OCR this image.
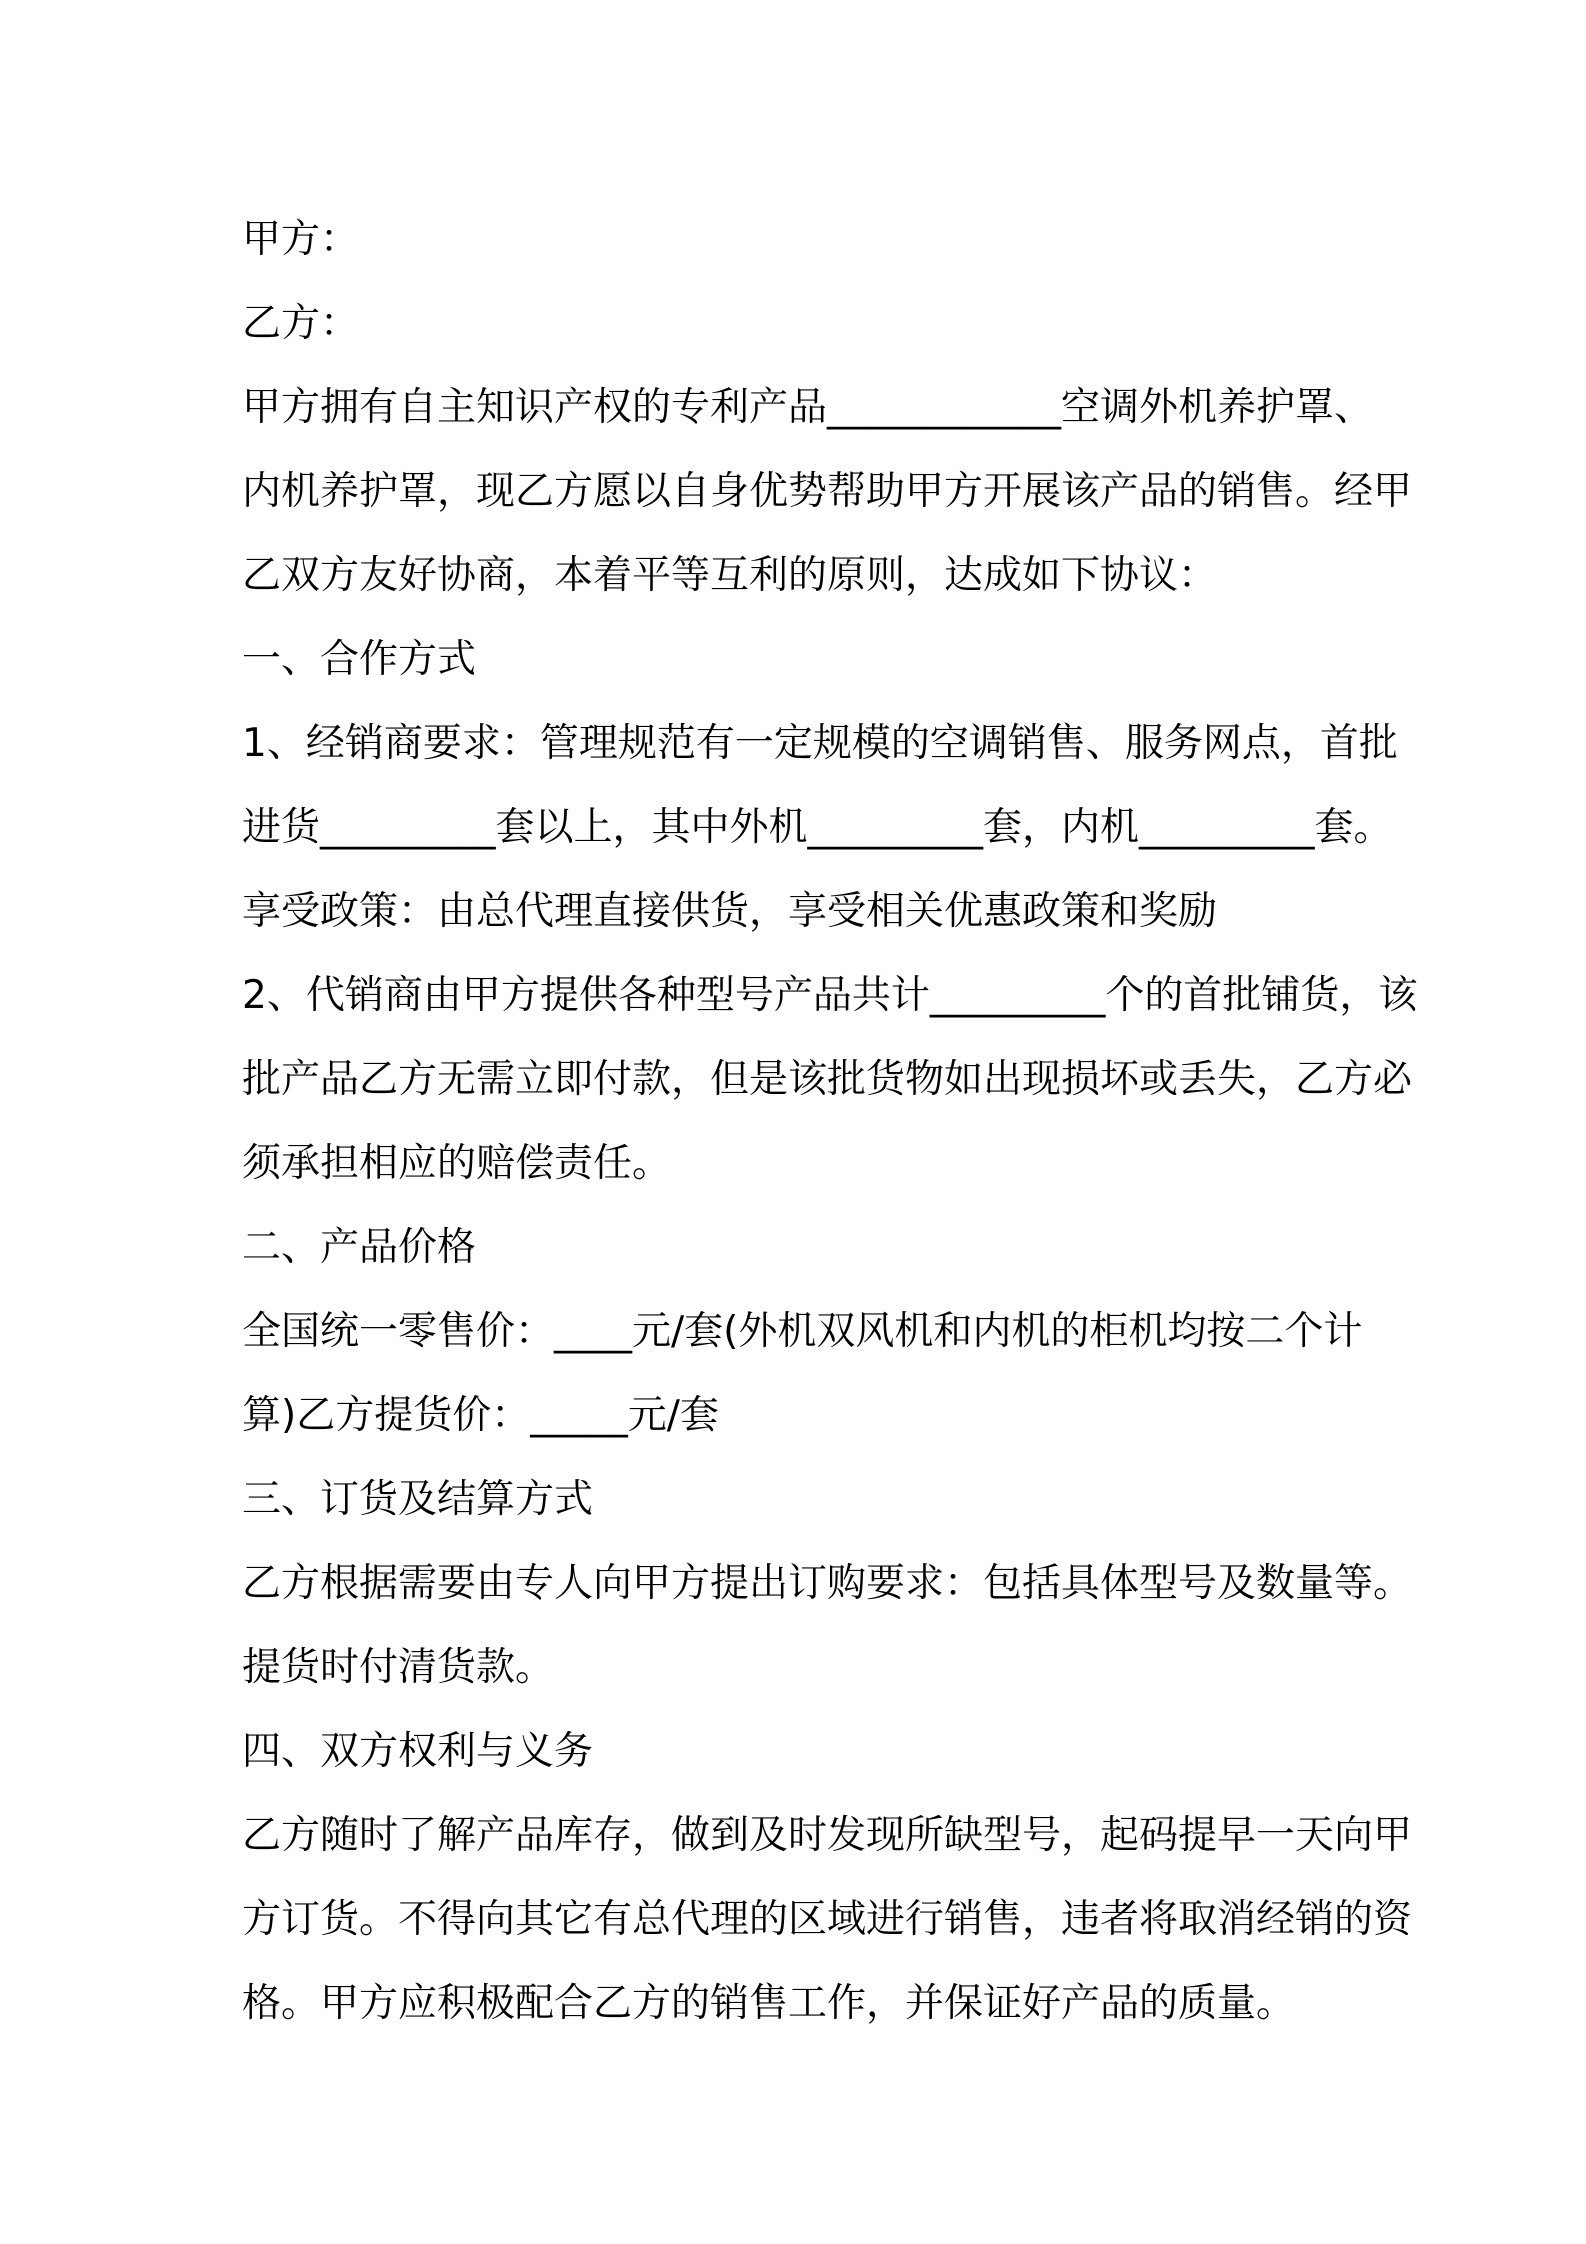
甲方：

乙方：

甲方拥有自主知识产权的专利产品____________空调外机养护罩、

内机养护罩，现乙方愿以自身优势帮助甲方开展该产品的销售。经甲

乙双方友好协商，本着平等互利的原则，达成如下协议：

一、合作方式

1、经销商要求：管理规范有一定规模的空调销售、服务网点，首批

进货_________套以上，其中外机_________套，内机_________套。

享受政策：由总代理直接供货，享受相关优惠政策和奖励

2、代销商由甲方提供各种型号产品共计_________个的首批铺货，该

批产品乙方无需立即付款，但是该批货物如出现损坏或丢失，乙方必

须承担相应的赔偿责任。

二、产品价格

全国统一零售价：____元/套(外机双风机和内机的柜机均按二个计

算)乙方提货价：_____元/套

三、订货及结算方式

乙方根据需要由专人向甲方提出订购要求：包括具体型号及数量等。

提货时付清货款。

四、双方权利与义务

乙方随时了解产品库存，做到及时发现所缺型号，起码提早一天向甲

方订货。不得向其它有总代理的区域进行销售，违者将取消经销的资

格。甲方应积极配合乙方的销售工作，并保证好产品的质量。
